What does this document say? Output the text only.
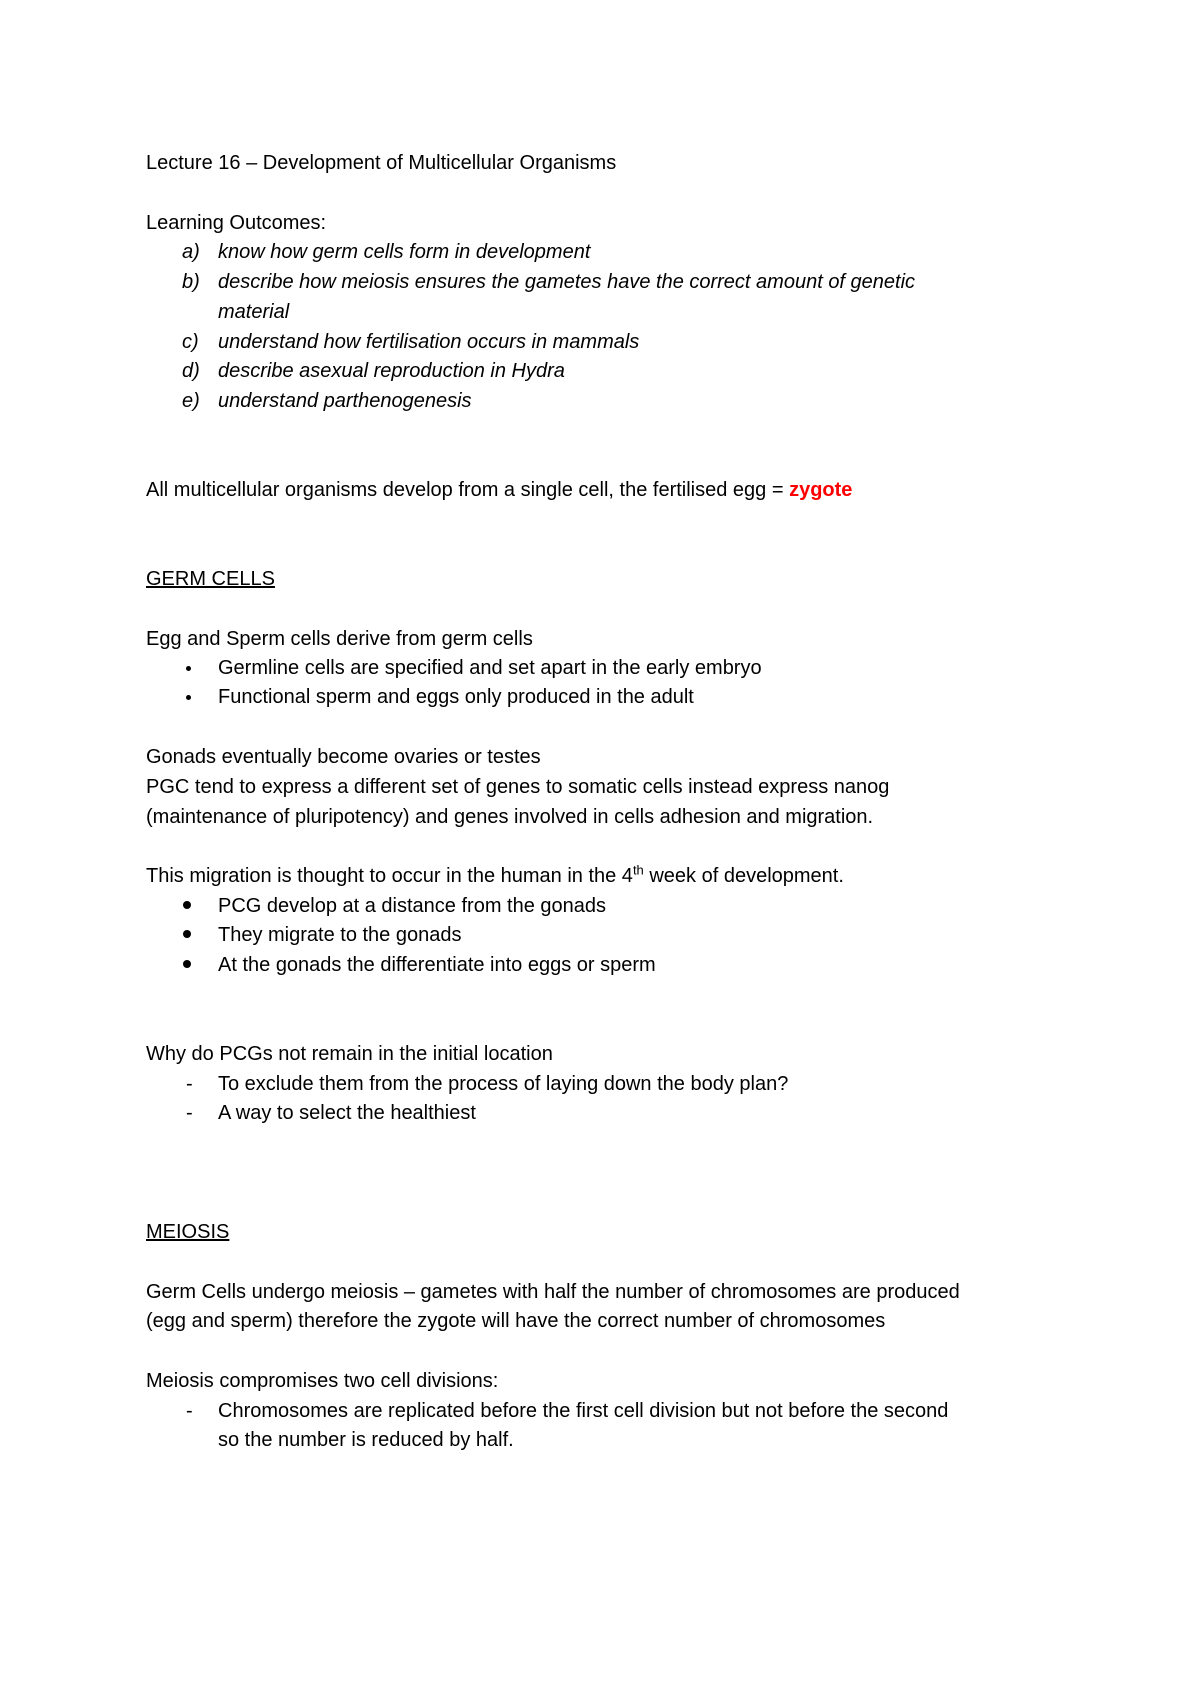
Lecture 16 – Development of Multicellular Organisms
Learning Outcomes:
a) know how germ cells form in development
b) describe how meiosis ensures the gametes have the correct amount of genetic
material
c) understand how fertilisation occurs in mammals
d) describe asexual reproduction in Hydra
e) understand parthenogenesis
All multicellular organisms develop from a single cell, the fertilised egg = zygote
GERM CELLS
Egg and Sperm cells derive from germ cells
Germline cells are specified and set apart in the early embryo
Functional sperm and eggs only produced in the adult
Gonads eventually become ovaries or testes
PGC tend to express a different set of genes to somatic cells instead express nanog
(maintenance of pluripotency) and genes involved in cells adhesion and migration.
This migration is thought to occur in the human in the 4th week of development.
PCG develop at a distance from the gonads
They migrate to the gonads
At the gonads the differentiate into eggs or sperm
Why do PCGs not remain in the initial location
- To exclude them from the process of laying down the body plan?
- A way to select the healthiest
MEIOSIS
Germ Cells undergo meiosis – gametes with half the number of chromosomes are produced
(egg and sperm) therefore the zygote will have the correct number of chromosomes
Meiosis compromises two cell divisions:
- Chromosomes are replicated before the first cell division but not before the second
so the number is reduced by half.
